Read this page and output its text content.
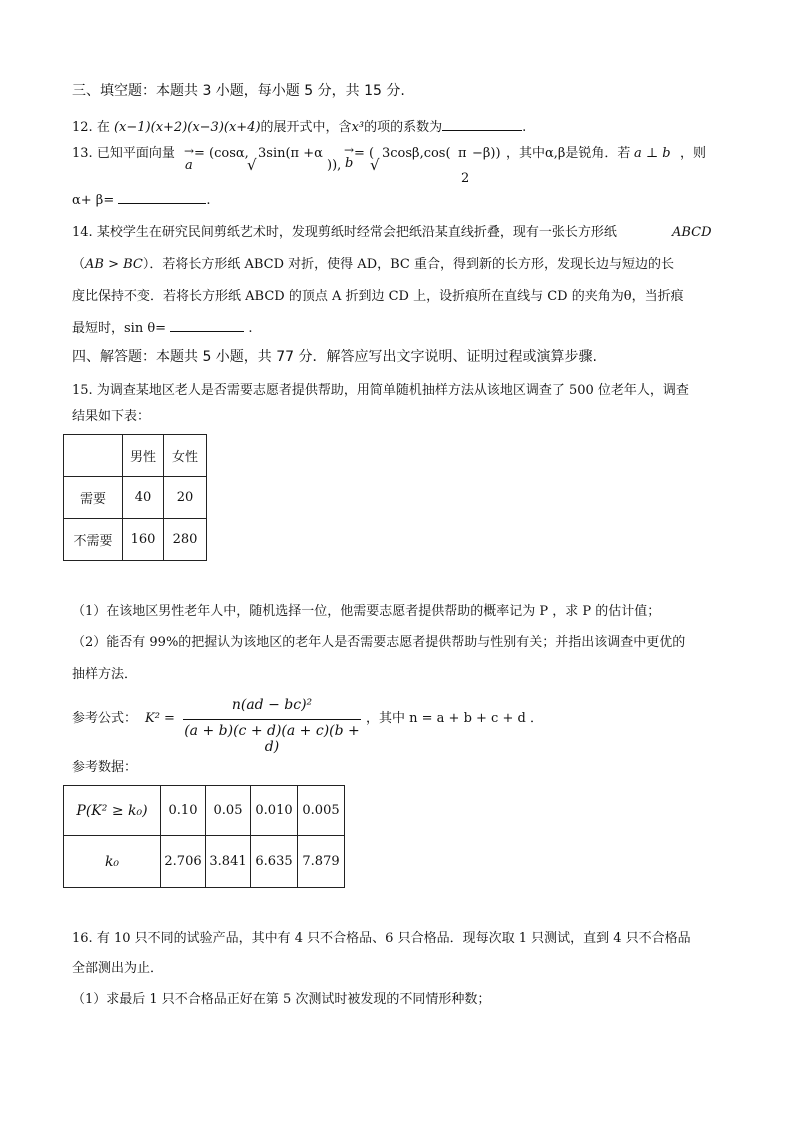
三、填空题：本题共 3 小题，每小题 5 分，共 15 分.
12. 在 (x−1)(x+2)(x−3)(x+4)的展开式中，含x³的项的系数为	.
13. 已知平面向量 →
a
= (cosα,
√
3sin(π +α
)),
→
b
= (
√
3cosβ,cos( π −β))
2
，其中α,β是锐角．若 a ⊥ b ，则
α+ β=	.
14. 某校学生在研究民间剪纸艺术时，发现剪纸时经常会把纸沿某直线折叠，现有一张长方形纸	ABCD
（AB > BC）．若将长方形纸 ABCD 对折，使得 AD，BC 重合，得到新的长方形，发现长边与短边的长
度比保持不变．若将长方形纸 ABCD 的顶点 A 折到边 CD 上，设折痕所在直线与 CD 的夹角为θ，当折痕
最短时，sin θ=	.
四、解答题：本题共 5 小题，共 77 分．解答应写出文字说明、证明过程或演算步骤.
15. 为调查某地区老人是否需要志愿者提供帮助，用简单随机抽样方法从该地区调查了 500 位老年人，调查
结果如下表：
	男性	女性
需要	40	20
不需要	160	280
（1）在该地区男性老年人中，随机选择一位，他需要志愿者提供帮助的概率记为 P ，求 P 的估计值；
（2）能否有 99%的把握认为该地区的老年人是否需要志愿者提供帮助与性别有关；并指出该调查中更优的
抽样方法．
参考公式： K² =
n(ad − bc)²
(a + b)(c + d)(a + c)(b + d)
，其中 n = a + b + c + d ．
参考数据：
P(K² ≥ k₀)	0.10	0.05	0.010	0.005
k₀	2.706	3.841	6.635	7.879
16. 有 10 只不同的试验产品，其中有 4 只不合格品、6 只合格品．现每次取 1 只测试，直到 4 只不合格品
全部测出为止．
（1）求最后 1 只不合格品正好在第 5 次测试时被发现的不同情形种数；
